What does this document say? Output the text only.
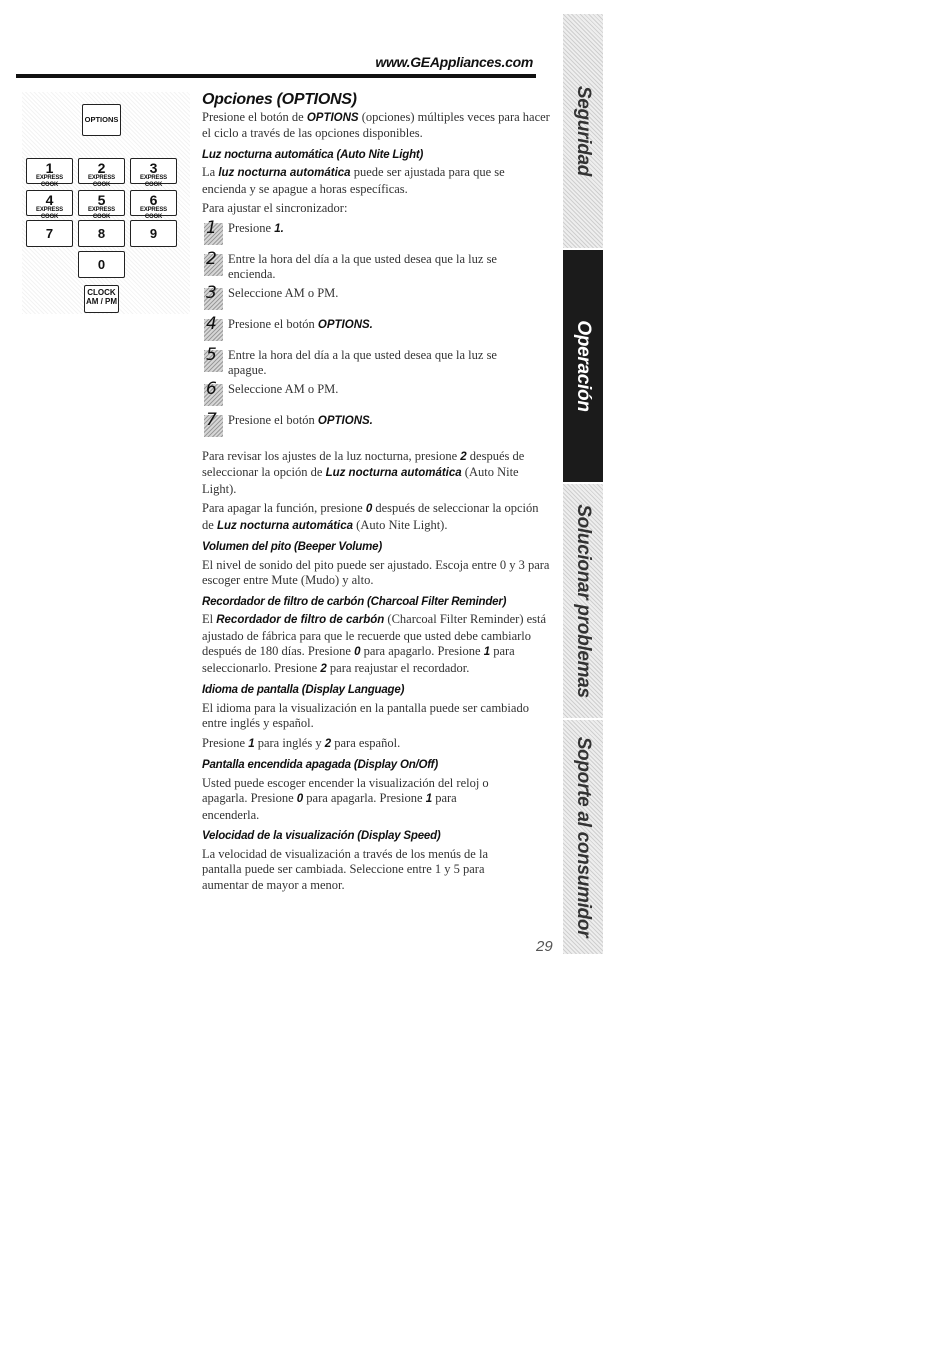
www.GEAppliances.com
OPTIONS
1
EXPRESS COOK
2
EXPRESS COOK
3
EXPRESS COOK
4
EXPRESS COOK
5
EXPRESS COOK
6
EXPRESS COOK
7	8	9
0
CLOCK
AM / PM
Opciones (OPTIONS)

Presione el botón de OPTIONS (opciones) múltiples veces para hacer el ciclo a través de las opciones disponibles.

Luz nocturna automática (Auto Nite Light)

La luz nocturna automática puede ser ajustada para que se encienda y se apague a horas específicas.

Para ajustar el sincronizador:

1 Presione 1.
2 Entre la hora del día a la que usted desea que la luz se encienda.
3 Seleccione AM o PM.
4 Presione el botón OPTIONS.
5 Entre la hora del día a la que usted desea que la luz se apague.
6 Seleccione AM o PM.
7 Presione el botón OPTIONS.

Para revisar los ajustes de la luz nocturna, presione 2 después de seleccionar la opción de Luz nocturna automática (Auto Nite Light).

Para apagar la función, presione 0 después de seleccionar la opción de Luz nocturna automática (Auto Nite Light).

Volumen del pito (Beeper Volume)

El nivel de sonido del pito puede ser ajustado. Escoja entre 0 y 3 para escoger entre Mute (Mudo) y alto.

Recordador de filtro de carbón (Charcoal Filter Reminder)

El Recordador de filtro de carbón (Charcoal Filter Reminder) está ajustado de fábrica para que le recuerde que usted debe cambiarlo después de 180 días. Presione 0 para apagarlo. Presione 1 para seleccionarlo. Presione 2 para reajustar el recordador.

Idioma de pantalla (Display Language)

El idioma para la visualización en la pantalla puede ser cambiado entre inglés y español.

Presione 1 para inglés y 2 para español.

Pantalla encendida apagada (Display On/Off)

Usted puede escoger encender la visualización del reloj o apagarla. Presione 0 para apagarla. Presione 1 para encenderla.

Velocidad de la visualización (Display Speed)

La velocidad de visualización a través de los menús de la pantalla puede ser cambiada. Seleccione entre 1 y 5 para aumentar de mayor a menor.

29
Seguridad
Operación
Solucionar problemas
Soporte al consumidor
